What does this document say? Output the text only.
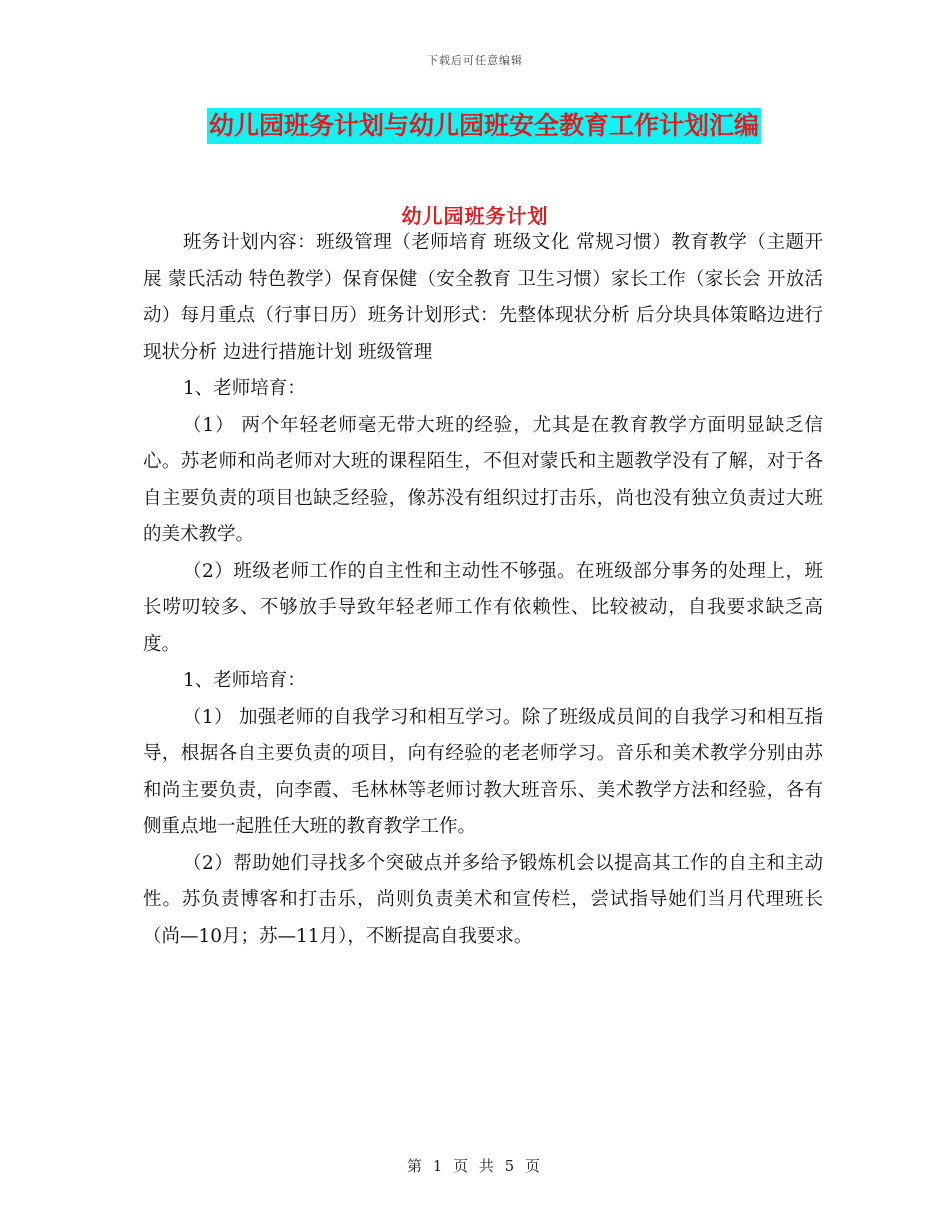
下载后可任意编辑
幼儿园班务计划与幼儿园班安全教育工作计划汇编
幼儿园班务计划

班务计划内容：班级管理（老师培育 班级文化 常规习惯）教育教学（主题开展 蒙氏活动 特色教学）保育保健（安全教育 卫生习惯）家长工作（家长会 开放活动）每月重点（行事日历）班务计划形式：先整体现状分析 后分块具体策略边进行现状分析 边进行措施计划 班级管理

1、老师培育：

（1） 两个年轻老师毫无带大班的经验，尤其是在教育教学方面明显缺乏信心。苏老师和尚老师对大班的课程陌生，不但对蒙氏和主题教学没有了解，对于各自主要负责的项目也缺乏经验，像苏没有组织过打击乐，尚也没有独立负责过大班的美术教学。

（2）班级老师工作的自主性和主动性不够强。在班级部分事务的处理上，班长唠叨较多、不够放手导致年轻老师工作有依赖性、比较被动，自我要求缺乏高度。

1、老师培育：

（1） 加强老师的自我学习和相互学习。除了班级成员间的自我学习和相互指导，根据各自主要负责的项目，向有经验的老老师学习。音乐和美术教学分别由苏和尚主要负责，向李霞、毛林林等老师讨教大班音乐、美术教学方法和经验，各有侧重点地一起胜任大班的教育教学工作。

（2）帮助她们寻找多个突破点并多给予锻炼机会以提高其工作的自主和主动性。苏负责博客和打击乐，尚则负责美术和宣传栏，尝试指导她们当月代理班长（尚—10月；苏—11月），不断提高自我要求。

第 1 页 共 5 页
